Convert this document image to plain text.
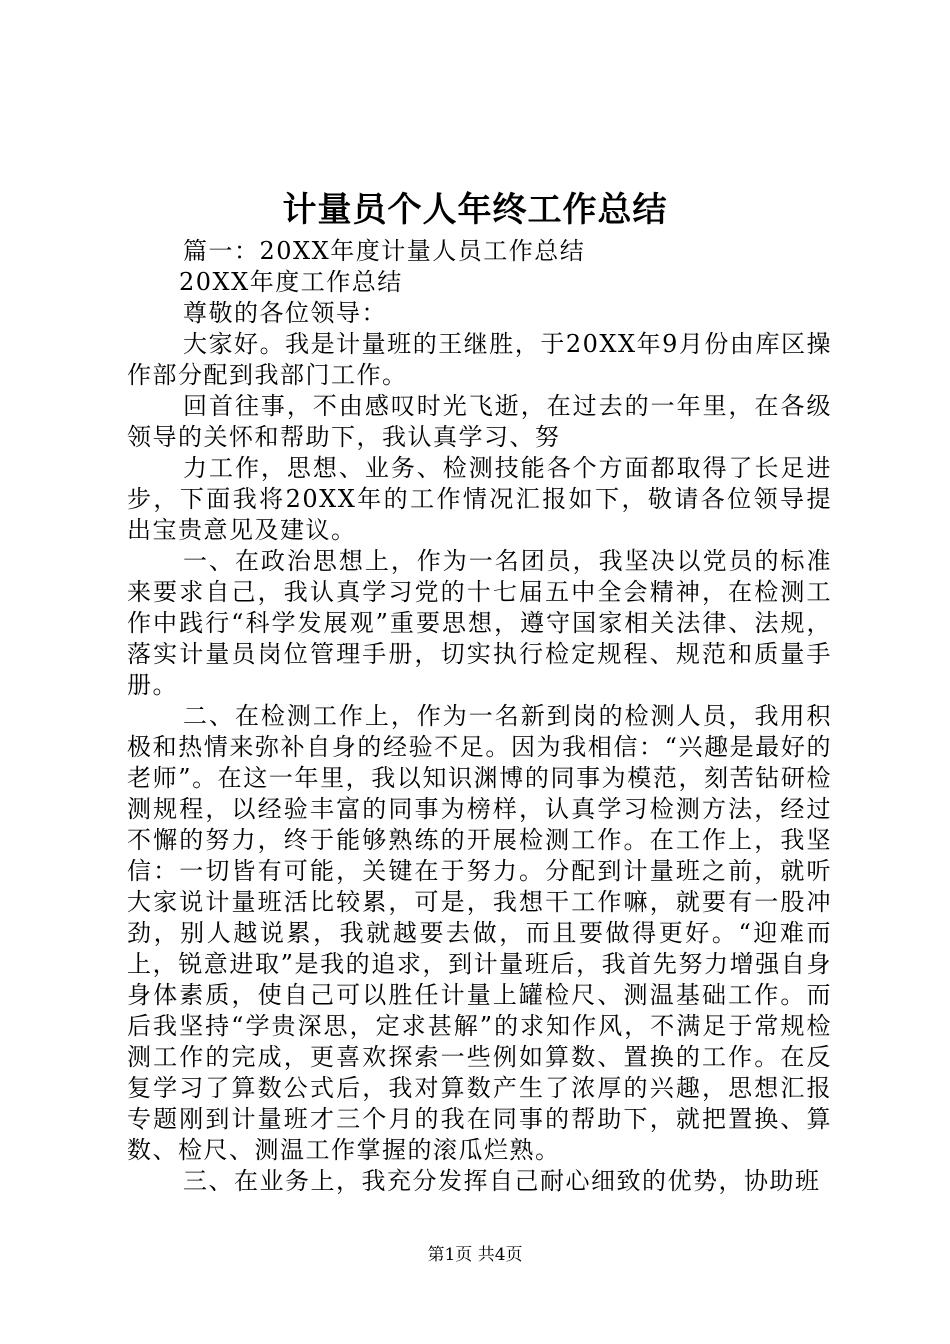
计量员个人年终工作总结

篇一：20XX年度计量人员工作总结

20XX年度工作总结

尊敬的各位领导：

大家好。我是计量班的王继胜，于20XX年9月份由库区操作部分配到我部门工作。

回首往事，不由感叹时光飞逝，在过去的一年里，在各级领导的关怀和帮助下，我认真学习、努

力工作，思想、业务、检测技能各个方面都取得了长足进步，下面我将20XX年的工作情况汇报如下，敬请各位领导提出宝贵意见及建议。

一、在政治思想上，作为一名团员，我坚决以党员的标准来要求自己，我认真学习党的十七届五中全会精神，在检测工作中践行“科学发展观”重要思想，遵守国家相关法律、法规，落实计量员岗位管理手册，切实执行检定规程、规范和质量手册。

二、在检测工作上，作为一名新到岗的检测人员，我用积极和热情来弥补自身的经验不足。因为我相信：“兴趣是最好的老师”。在这一年里，我以知识渊博的同事为模范，刻苦钻研检测规程，以经验丰富的同事为榜样，认真学习检测方法，经过不懈的努力，终于能够熟练的开展检测工作。在工作上，我坚信：一切皆有可能，关键在于努力。分配到计量班之前，就听大家说计量班活比较累，可是，我想干工作嘛，就要有一股冲劲，别人越说累，我就越要去做，而且要做得更好。“迎难而上，锐意进取”是我的追求，到计量班后，我首先努力增强自身身体素质，使自己可以胜任计量上罐检尺、测温基础工作。而后我坚持“学贵深思，定求甚解”的求知作风，不满足于常规检测工作的完成，更喜欢探索一些例如算数、置换的工作。在反复学习了算数公式后，我对算数产生了浓厚的兴趣，思想汇报专题刚到计量班才三个月的我在同事的帮助下，就把置换、算数、检尺、测温工作掌握的滚瓜烂熟。

三、在业务上，我充分发挥自己耐心细致的优势，协助班

第1页 共4页
